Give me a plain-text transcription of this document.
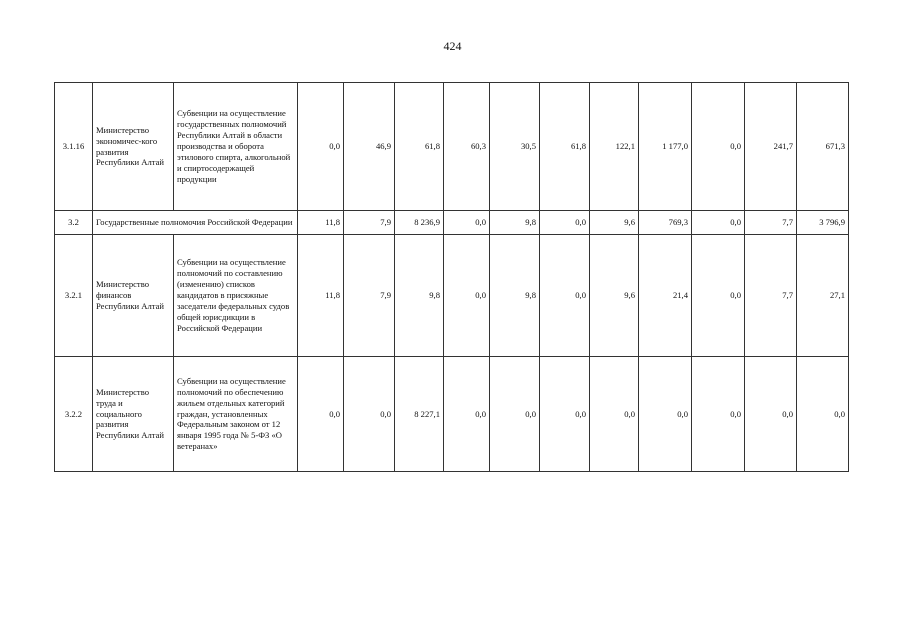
424
3.1.16	Министерство экономичес-кого развития Республики Алтай	Субвенции на осуществление государственных полномочий Республики Алтай в области производства и оборота этилового спирта, алкогольной и спиртосодержащей продукции	0,0	46,9	61,8	60,3	30,5	61,8	122,1	1 177,0	0,0	241,7	671,3
3.2	Государственные полномочия Российской Федерации		11,8	7,9	8 236,9	0,0	9,8	0,0	9,6	769,3	0,0	7,7	3 796,9
3.2.1	Министерство финансов Республики Алтай	Субвенции на осуществление полномочий по составлению (изменению) списков кандидатов в присяжные заседатели федеральных судов общей юрисдикции в Российской Федерации	11,8	7,9	9,8	0,0	9,8	0,0	9,6	21,4	0,0	7,7	27,1
3.2.2	Министерство труда и социального развития Республики Алтай	Субвенции на осуществление полномочий по обеспечению жильем отдельных категорий граждан, установленных Федеральным законом от 12 января 1995 года № 5-ФЗ «О ветеранах»	0,0	0,0	8 227,1	0,0	0,0	0,0	0,0	0,0	0,0	0,0	0,0
